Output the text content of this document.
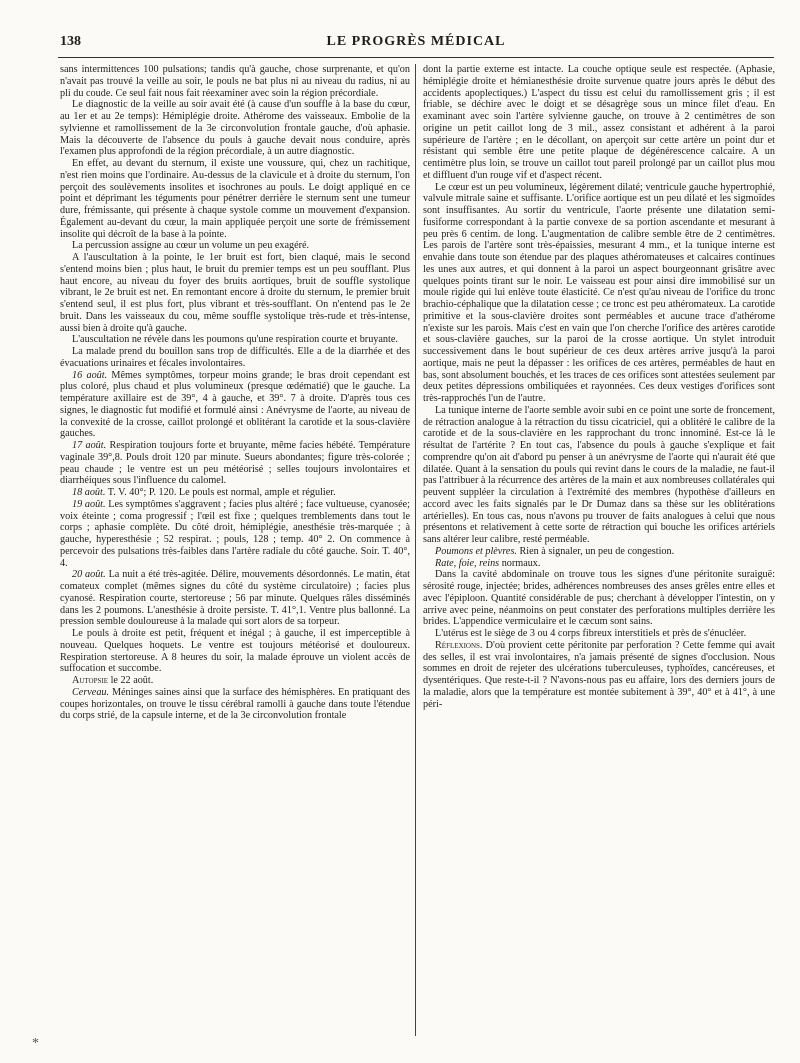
138	LE PROGRÈS MÉDICAL

sans intermittences 100 pulsations; tandis qu'à gauche, chose surprenante, et qu'on n'avait pas trouvé la veille au soir, le pouls ne bat plus ni au niveau du radius, ni au pli du coude. Ce seul fait nous fait réexaminer avec soin la région précordiale.

Le diagnostic de la veille au soir avait été (à cause d'un souffle à la base du cœur, au 1er et au 2e temps): Hémiplégie droite. Athérome des vaisseaux. Embolie de la sylvienne et ramollissement de la 3e circonvolution frontale gauche, d'où aphasie. Mais la découverte de l'absence du pouls à gauche devait nous conduire, après l'examen plus approfondi de la région précordiale, à un autre diagnostic.

En effet, au devant du sternum, il existe une voussure, qui, chez un rachitique, n'est rien moins que l'ordinaire. Au-dessus de la clavicule et à droite du sternum, l'on perçoit des soulèvements insolites et isochrones au pouls. Le doigt appliqué en ce point et déprimant les téguments pour pénétrer derrière le sternum sent une tumeur dure, frémissante, qui présente à chaque systole comme un mouvement d'expansion. Également au-devant du cœur, la main appliquée perçoit une sorte de frémissement insolite qui décroît de la base à la pointe.

La percussion assigne au cœur un volume un peu exagéré.

A l'auscultation à la pointe, le 1er bruit est fort, bien claqué, mais le second s'entend moins bien ; plus haut, le bruit du premier temps est un peu soufflant. Plus haut encore, au niveau du foyer des bruits aortiques, bruit de souffle systolique vibrant, le 2e bruit est net. En remontant encore à droite du sternum, le premier bruit s'entend seul, il est plus fort, plus vibrant et très-soufflant. On n'entend pas le 2e bruit. Dans les vaisseaux du cou, même souffle systolique très-rude et très-intense, aussi bien à droite qu'à gauche.

L'auscultation ne révèle dans les poumons qu'une respiration courte et bruyante.

La malade prend du bouillon sans trop de difficultés. Elle a de la diarrhée et des évacuations urinaires et fécales involontaires.

16 août. Mêmes symptômes, torpeur moins grande; le bras droit cependant est plus coloré, plus chaud et plus volumineux (presque œdématié) que le gauche. La température axillaire est de 39°, 4 à gauche, et 39°. 7 à droite. D'après tous ces signes, le diagnostic fut modifié et formulé ainsi : Anévrysme de l'aorte, au niveau de la convexité de la crosse, caillot prolongé et oblitérant la carotide et la sous-clavière gauches.

17 août. Respiration toujours forte et bruyante, même facies hébété. Température vaginale 39°,8. Pouls droit 120 par minute. Sueurs abondantes; figure très-colorée ; peau chaude ; le ventre est un peu météorisé ; selles toujours involontaires et diarrhéiques sous l'influence du calomel.

18 août. T. V. 40°; P. 120. Le pouls est normal, ample et régulier.

19 août. Les symptômes s'aggravent ; facies plus altéré ; face vultueuse, cyanosée; voix éteinte ; coma progressif ; l'œil est fixe ; quelques tremblements dans tout le corps ; aphasie complète. Du côté droit, hémiplégie, anesthésie très-marquée ; à gauche, hyperesthésie ; 52 respirat. ; pouls, 128 ; temp. 40° 2. On commence à percevoir des pulsations très-faibles dans l'artère radiale du côté gauche. Soir. T. 40°, 4.

20 août. La nuit a été très-agitée. Délire, mouvements désordonnés. Le matin, état comateux complet (mêmes signes du côté du système circulatoire) ; facies plus cyanosé. Respiration courte, stertoreuse ; 56 par minute. Quelques râles disséminés dans les 2 poumons. L'anesthésie à droite persiste. T. 41°,1. Ventre plus ballonné. La pression semble douloureuse à la malade qui sort alors de sa torpeur.

Le pouls à droite est petit, fréquent et inégal ; à gauche, il est imperceptible à nouveau. Quelques hoquets. Le ventre est toujours météorisé et douloureux. Respiration stertoreuse. A 8 heures du soir, la malade éprouve un violent accès de suffocation et succombe.

Autopsie le 22 août.

Cerveau. Méninges saines ainsi que la surface des hémisphères. En pratiquant des coupes horizontales, on trouve le tissu cérébral ramolli à gauche dans toute l'étendue du corps strié, de la capsule interne, et de la 3e circonvolution frontale

dont la partie externe est intacte. La couche optique seule est respectée. (Aphasie, hémiplégie droite et hémianesthésie droite survenue quatre jours après le début des accidents apoplectiques.) L'aspect du tissu est celui du ramollissement gris ; il est friable, se déchire avec le doigt et se désagrège sous un mince filet d'eau. En examinant avec soin l'artère sylvienne gauche, on trouve à 2 centimètres de son origine un petit caillot long de 3 mil., assez consistant et adhérent à la paroi supérieure de l'artère ; en le décollant, on aperçoit sur cette artère un point dur et résistant qui semble être une petite plaque de dégénérescence calcaire. A un centimètre plus loin, se trouve un caillot tout pareil prolongé par un caillot plus mou et diffluent d'un rouge vif et d'aspect récent.

Le cœur est un peu volumineux, légèrement dilaté; ventricule gauche hypertrophié, valvule mitrale saine et suffisante. L'orifice aortique est un peu dilaté et les sigmoïdes sont insuffisantes. Au sortir du ventricule, l'aorte présente une dilatation semi-fusiforme correspondant à la partie convexe de sa portion ascendante et mesurant à peu près 6 centim. de long. L'augmentation de calibre semble être de 2 centimètres. Les parois de l'artère sont très-épaissies, mesurant 4 mm., et la tunique interne est envahie dans toute son étendue par des plaques athéromateuses et calcaires continues les unes aux autres, et qui donnent à la paroi un aspect bourgeonnant grisâtre avec quelques points tirant sur le noir. Le vaisseau est pour ainsi dire immobilisé sur un moule rigide qui lui enlève toute élasticité. Ce n'est qu'au niveau de l'orifice du tronc brachio-céphalique que la dilatation cesse ; ce tronc est peu athéromateux. La carotide primitive et la sous-clavière droites sont perméables et aucune trace d'athérome n'existe sur les parois. Mais c'est en vain que l'on cherche l'orifice des artères carotide et sous-clavière gauches, sur la paroi de la crosse aortique. Un stylet introduit successivement dans le bout supérieur de ces deux artères arrive jusqu'à la paroi aortique, mais ne peut la dépasser : les orifices de ces artères, perméables de haut en bas, sont absolument bouchés, et les traces de ces orifices sont attestées seulement par deux petites dépressions ombiliquées et rayonnées. Ces deux vestiges d'orifices sont très-rapprochés l'un de l'autre.

La tunique interne de l'aorte semble avoir subi en ce point une sorte de froncement, de rétraction analogue à la rétraction du tissu cicatriciel, qui a oblitéré le calibre de la carotide et de la sous-clavière en les rapprochant du tronc innominé. Est-ce là le résultat de l'artérite ? En tout cas, l'absence du pouls à gauche s'explique et fait comprendre qu'on ait d'abord pu penser à un anévrysme de l'aorte qui n'aurait été que dilatée. Quant à la sensation du pouls qui revint dans le cours de la maladie, ne faut-il pas l'attribuer à la récurrence des artères de la main et aux nombreuses collatérales qui peuvent suppléer la circulation à l'extrémité des membres (hypothèse d'ailleurs en accord avec les faits signalés par le Dr Dumaz dans sa thèse sur les oblitérations artérielles). En tous cas, nous n'avons pu trouver de faits analogues à celui que nous présentons et relativement à cette sorte de rétraction qui bouche les orifices artériels sans altérer leur calibre, resté perméable.

Poumons et plèvres. Rien à signaler, un peu de congestion.

Rate, foie, reins normaux.

Dans la cavité abdominale on trouve tous les signes d'une péritonite suraiguë: sérosité rouge, injectée; brides, adhérences nombreuses des anses grêles entre elles et avec l'épiploon. Quantité considérable de pus; cherchant à développer l'intestin, on y arrive avec peine, néanmoins on peut constater des perforations multiples derrière les brides. L'appendice vermiculaire et le cæcum sont sains.

L'utérus est le siège de 3 ou 4 corps fibreux interstitiels et près de s'énucléer.

Réflexions. D'où provient cette péritonite par perforation ? Cette femme qui avait des selles, il est vrai involontaires, n'a jamais présenté de signes d'occlusion. Nous sommes en droit de rejeter des ulcérations tuberculeuses, typhoïdes, cancéreuses, et dysentériques. Que reste-t-il ? N'avons-nous pas eu affaire, lors des derniers jours de la maladie, alors que la température est montée subitement à 39°, 40° et à 41°, à une péri-

*
